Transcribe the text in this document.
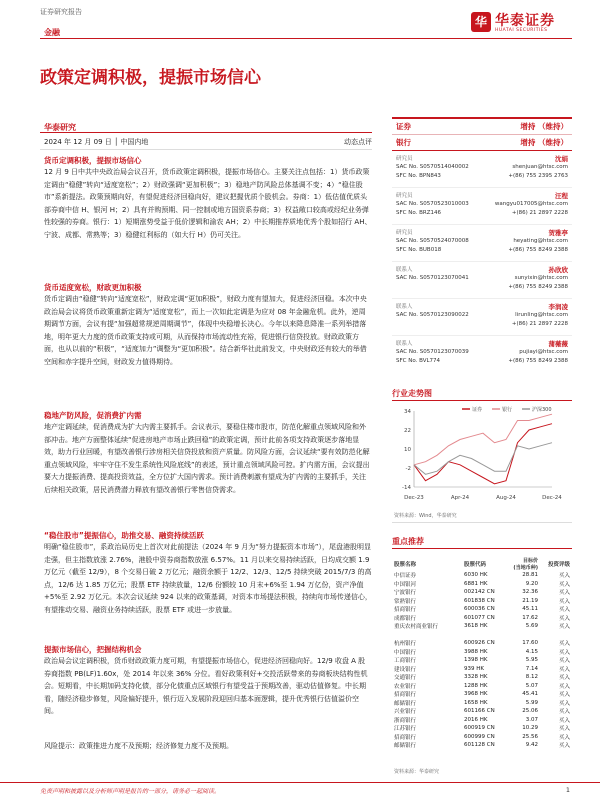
证券研究报告
金融
华 华泰证券
HUATAI SECURITIES
政策定调积极，提振市场信心
华泰研究
2024 年 12 月 09 日 │ 中国内地	动态点评
货币定调积极，提振市场信心
12 月 9 日中共中央政治局会议召开，货币政策定调积极，提振市场信心。主要关注点包括：1）货币政策定调由“稳健”转向“适度宽松”；2）财政强调“更加积极”；3）稳地产防风险总体基调不变；4）“稳住股市”系新提法。政策预期向好，有望促进经济回稳向好，建议把握优质个股机会。券商：1）低估值优质头部券商中信 H、银河 H；2）具有并购预期、同一控制或地方国资系券商；3）权益敞口较高或经纪业务弹性较强的券商。银行：1）短期涨势受益于低价逻辑和渝农 AH；2）中长期推荐质地优秀个股如招行 AH、宁波、成都、常熟等；3）稳健红利标的（如大行 H）仍可关注。
货币适度宽松，财政更加积极
货币定调由“稳健”转向“适度宽松”，财政定调“更加积极”，财政力度有望加大，促进经济回稳。本次中央政治局会议将货币政策重新定调为“适度宽松”，而上一次如此定调是为应对 08 年金融危机。此外，逆周期调节方面，会议有提“加强超常规逆周期调节”，体现中央稳增长决心。今年以来降息降准一系列举措落地，明年更大力度的货币政策支持或可期，从而保持市场流动性充裕，促进银行信贷投放。财政政策方面，也从以前的“积极”，“适度加力”调整为“更加积极”。结合新华社此前发文，中央财政还有较大的举借空间和赤字提升空间，财政发力值得期待。
稳地产防风险，促消费扩内需
地产定调延续，促消费成为扩大内需主要抓手。会议表示，要稳住楼市股市，防范化解重点领域风险和外部冲击。地产方面整体延续“促进房地产市场止跌回稳”的政策定调，预计此前各项支持政策逐步落地显效，助力行业回暖，有望改善银行涉房相关信贷投放和资产质量。防风险方面，会议延续“要有效防范化解重点领域风险，牢牢守住不发生系统性风险底线”的表述，预计重点领域风险可控。扩内需方面，会议提出要大力提振消费、提高投资效益，全方位扩大国内需求。预计消费刺激有望成为扩内需的主要抓手，关注后续相关政策，居民消费潜力释放有望改善银行零售信贷需求。
“稳住股市”提振信心，助推交易、融资持续活跃
明确“稳住股市”，系政治局历史上首次对此前提法（2024 年 9 月为“努力提振资本市场”），尾盘港股明显走强，但主指数放涨 2.76%，港股中资券商指数放涨 6.57%。11 月以来交易持续活跃，日均成交额 1.9 万亿元（截至 12/9），8 个交易日破 2 万亿元；融资余额于 12/2、12/3、12/5 持续突破 2015/7/3 的高点，12/6 达 1.85 万亿元；股票 ETF 持续放量，12/6 份额较 10 月末+6%至 1.94 万亿份，资产净值+5%至 2.92 万亿元。本次会议延续 924 以来的政策基调，对资本市场提法积极，持续向市场传递信心，有望推动交易、融资业务持续活跃，股票 ETF 或进一步放量。
提振市场信心，把握结构机会
政治局会议定调积极，货币财政政策力度可期，有望提振市场信心，促进经济回稳向好。12/9 收盘 A 股券商指数 PB(LF)1.60x，处 2014 年以来 36% 分位。看好政策利好+交投活跃带来的券商板块结构性机会。短期看，中长期加码支持化债，部分化债重点区域银行有望受益于预期改善，驱动估值修复。中长期看，随经济稳步修复，风险偏好提升，银行迈入发展阶段迎回归基本面逻辑，提升优秀银行估值溢价空间。
风险提示：政策推进力度不及预期；经济修复力度不及预期。
证券	增持 （维持）
银行	增持 （维持）
研究员	沈娟
SAC No. S0570514040002	shenjuan@htsc.com
SFC No. BPN843	+(86) 755 2395 2763
研究员	汪程
SAC No. S0570523010003	wangyu017005@htsc.com
SFC No. BRZ146	+(86) 21 2897 2228
研究员	贺雅亭
SAC No. S0570524070008	heyating@htsc.com
SFC No. BUB018	+(86) 755 8249 2388
联系人	孙欣欣
SAC No. S0570123070041	sunyixin@htsc.com
+(86) 755 8249 2388
联系人	李润凌
SAC No. S0570123090022	lirunling@htsc.com
+(86) 21 2897 2228
联系人	蒲薇薇
SAC No. S0570123070039	pujiayi@htsc.com
SFC No. BVL774	+(86) 755 8249 2388
行业走势图
34
22
10
-2
-14
Dec-23	Apr-24	Aug-24	Dec-24
证券	银行	沪深300
资料来源：Wind，华泰研究
重点推荐
股票名称	股票代码	目标价
(当地币种)	投资评级
中信证券	6030 HK	28.81	买入
中国银河	6881 HK	9.20	买入
宁波银行	002142 CN	32.36	买入
常熟银行	601838 CN	21.19	买入
招商银行	600036 CN	45.11	买入
成都银行	601077 CN	17.62	买入
重庆农村商业银行	3618 HK	5.69	买入

杭州银行	600926 CN	17.60	买入
中国银行	3988 HK	4.15	买入
工商银行	1398 HK	5.95	买入
建设银行	939 HK	7.14	买入
交通银行	3328 HK	8.12	买入
农业银行	1288 HK	5.07	买入
招商银行	3968 HK	45.41	买入
邮储银行	1658 HK	5.99	买入
兴业银行	601166 CN	25.06	买入
浙商银行	2016 HK	3.07	买入
江苏银行	600919 CN	10.29	买入
招商银行	600999 CN	25.56	买入
邮储银行	601128 CN	9.42	买入
资料来源：华泰研究
免责声明和披露以及分析师声明是报告的一部分，请务必一起阅读。	1
